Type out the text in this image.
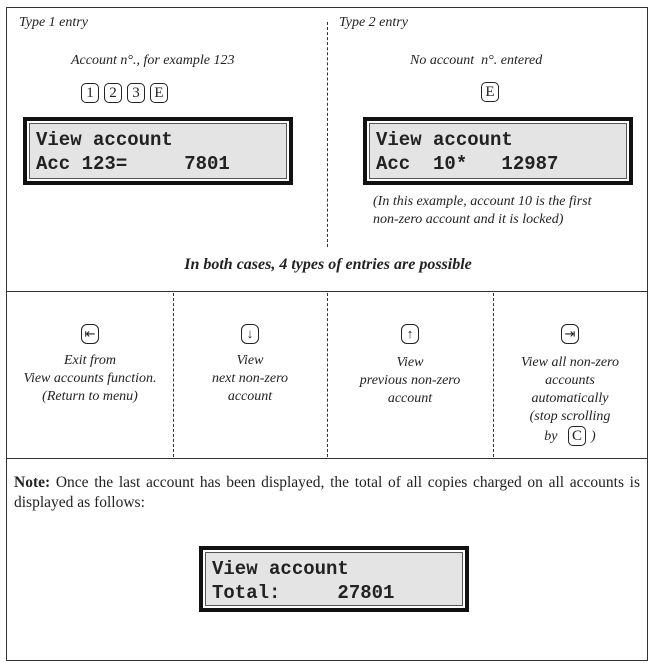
Type 1 entry
Account n°., for example 123
1 2 3 E
View account
Acc 123=     7801
Type 2 entry
No account  n°. entered
E
View account
Acc  10*   12987
(In this example, account 10 is the first
non-zero account and it is locked)
In both cases, 4 types of entries are possible
⇤
Exit from
View accounts function.
(Return to menu)
↓
View
next non-zero
account
↑
View
previous non-zero
account
⇥
View all non-zero
accounts
automatically
(stop scrolling
by C )
Note: Once the last account has been displayed, the total of all copies charged on all accounts is displayed as follows:
View account
Total:     27801
